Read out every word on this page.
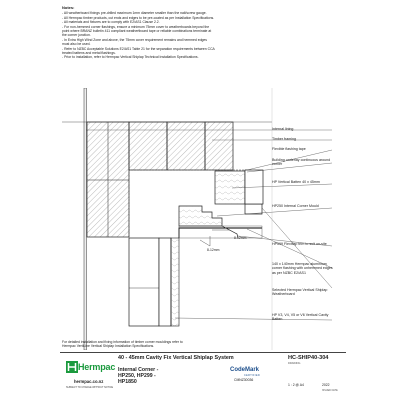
Notes:
- All weatherboard fixings pre-drilled maximum 1mm diameter smaller than the nail/screw gauge.
- All Hermpac timber products, cut ends and edges to be pre-coated as per Installation Specifications.
- All materials and fixtures are to comply with E2/AS1 Clause 2.2.
- For non-hemmed corner flashings, ensure a minimum 75mm cover to weatherboards beyond the
point where BRANZ bulletin 411 compliant weathertboard tape or reliable combinations terminate at
the corner junction.
- In Extra High Wind Zone and above, the 75mm cover requirement remains and hemmed edges
must also be used.
- Refer to NZBC Acceptable Solutions E2/AS1 Table 21 for the separation requirements between CCA
treated battens and metal flashings.
- Prior to installation, refer to Hermpac Vertical Shiplap Technical Installation Specifications.
Internal lining
Timber framing
Flexible flashing tape
Building underlay continuous around corner
HP Vertical Batten 40 x 45mm
HP250 Internal Corner Mould
HP599 Flexiflap trim to suit on-site
140 x 140mm Hermpac aluminium corner flashing with unhemmed edges as per NZBC E2/AS1
Selected Hermpac Vertical Shiplap Weatherboard
HP V3, V4, V5 or V6 Vertical Cavity Batten
8-12mm
8-12mm
For detailed installation and fixing information of timber corner mouldings refer to
Hermpac VertiLine Vertical Shiplap Installation Specifications.
Hermpac
hermpac.co.nz
SUBJECT TO CHANGE WITHOUT NOTICE
40 - 45mm Cavity Fix Vertical Shiplap System
Internal Corner -
HP250, HP299 -
HP1850
CodeMark
CERTIFIED
CMNZ30036
HC-SHIP40-304
DRAWING
1 : 2 @ A4	2022
ISSUED DATE
